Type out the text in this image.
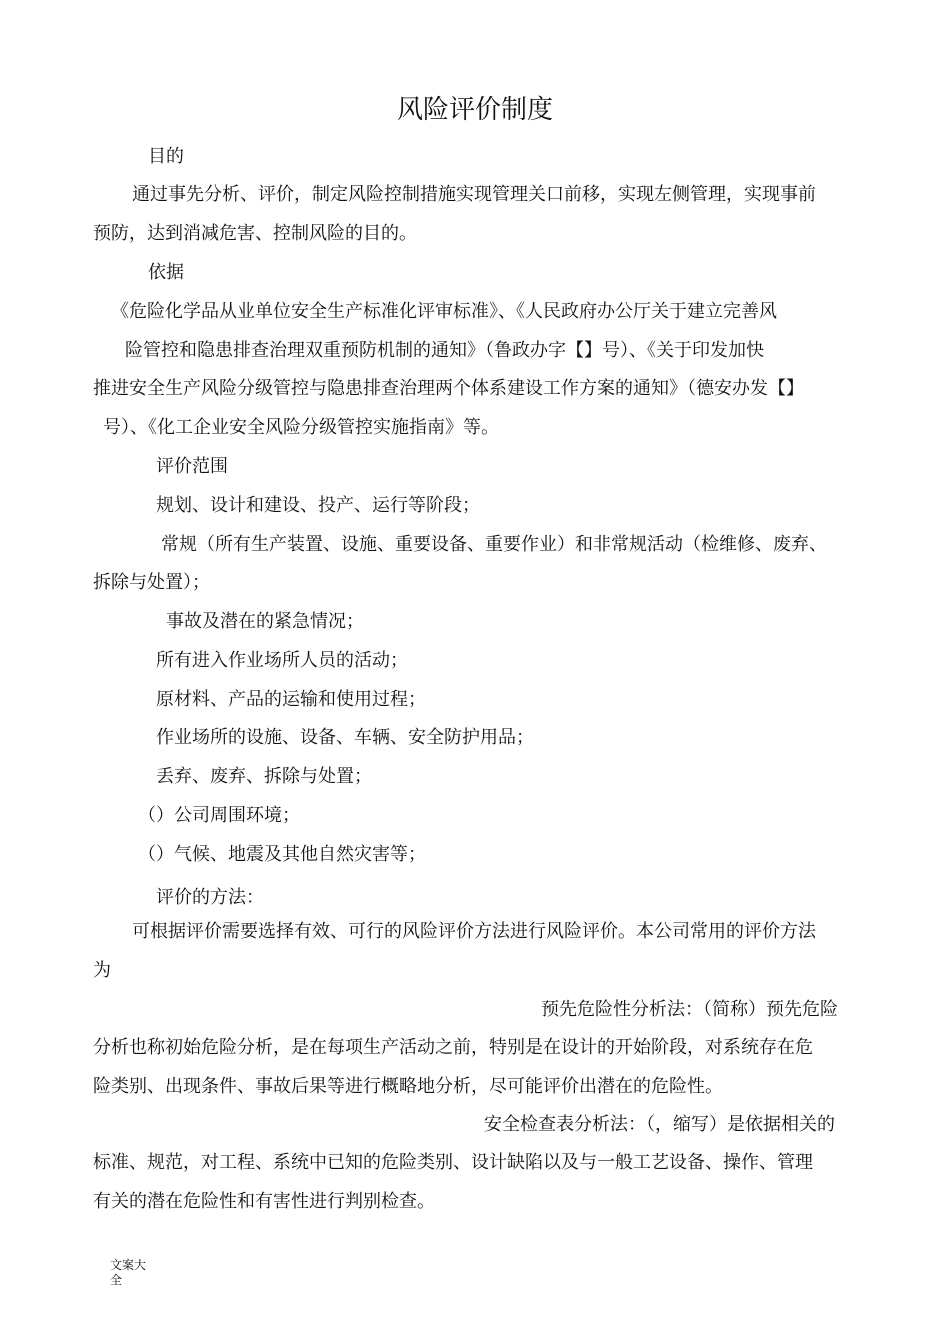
风险评价制度
目的
通过事先分析、评价，制定风险控制措施实现管理关口前移，实现左侧管理，实现事前
预防，达到消减危害、控制风险的目的。
依据
《危险化学品从业单位安全生产标准化评审标准》、《人民政府办公厅关于建立完善风
险管控和隐患排查治理双重预防机制的通知》（鲁政办字【】号）、《关于印发加快
推进安全生产风险分级管控与隐患排查治理两个体系建设工作方案的通知》（德安办发【】
号）、《化工企业安全风险分级管控实施指南》等。
评价范围
规划、设计和建设、投产、运行等阶段；
常规（所有生产装置、设施、重要设备、重要作业）和非常规活动（检维修、废弃、
拆除与处置）；
事故及潜在的紧急情况；
所有进入作业场所人员的活动；
原材料、产品的运输和使用过程；
作业场所的设施、设备、车辆、安全防护用品；
丢弃、废弃、拆除与处置；
（）公司周围环境；
（）气候、地震及其他自然灾害等；
评价的方法：
可根据评价需要选择有效、可行的风险评价方法进行风险评价。本公司常用的评价方法
为
预先危险性分析法：（简称）预先危险
分析也称初始危险分析，是在每项生产活动之前，特别是在设计的开始阶段，对系统存在危
险类别、出现条件、事故后果等进行概略地分析，尽可能评价出潜在的危险性。
安全检查表分析法：（，缩写）是依据相关的
标准、规范，对工程、系统中已知的危险类别、设计缺陷以及与一般工艺设备、操作、管理
有关的潜在危险性和有害性进行判别检查。
文案大
全
